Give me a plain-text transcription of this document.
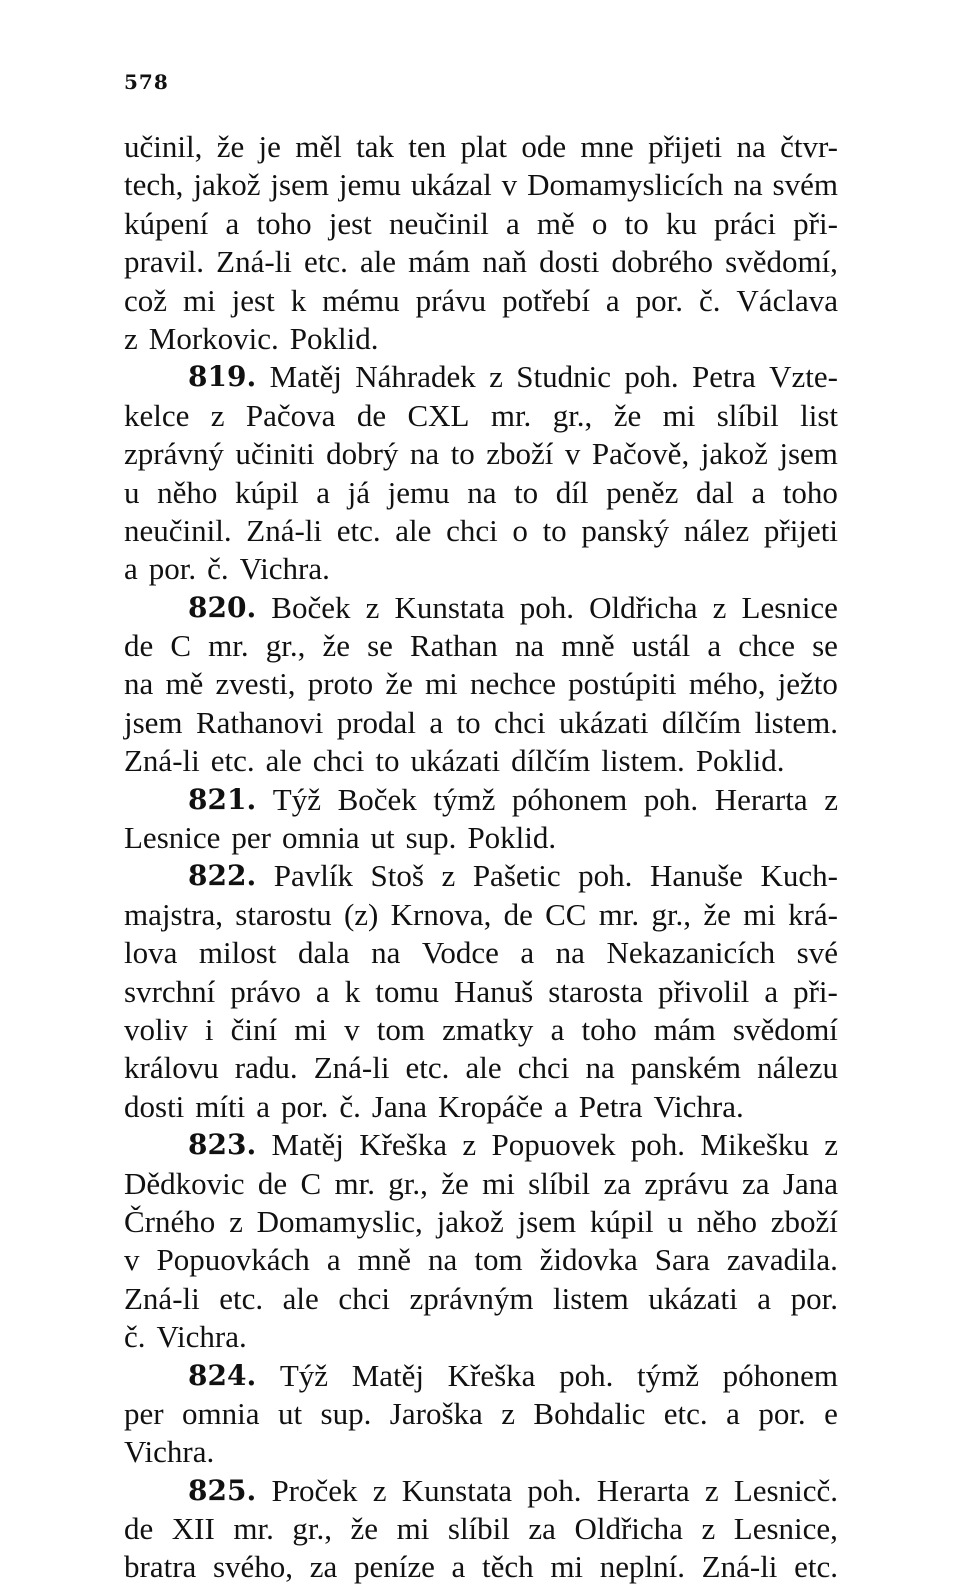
578
učinil, že je měl tak ten plat ode mne přijeti na čtvr-
tech, jakož jsem jemu ukázal v Domamyslicích na svém
kúpení a toho jest neučinil a mě o to ku práci při-
pravil. Zná-li etc. ale mám naň dosti dobrého svědomí,
což mi jest k mému právu potřebí a por. č. Václava
z Morkovic. Poklid.
819. Matěj Náhradek z Studnic poh. Petra Vzte-
kelce z Pačova de CXL mr. gr., že mi slíbil list
zprávný učiniti dobrý na to zboží v Pačově, jakož jsem
u něho kúpil a já jemu na to díl peněz dal a toho
neučinil. Zná-li etc. ale chci o to panský nález přijeti
a por. č. Vichra.
820. Boček z Kunstata poh. Oldřicha z Lesnice
de C mr. gr., že se Rathan na mně ustál a chce se
na mě zvesti, proto že mi nechce postúpiti mého, ježto
jsem Rathanovi prodal a to chci ukázati dílčím listem.
Zná-li etc. ale chci to ukázati dílčím listem. Poklid.
821. Týž Boček týmž póhonem poh. Herarta z
Lesnice per omnia ut sup. Poklid.
822. Pavlík Stoš z Pašetic poh. Hanuše Kuch-
majstra, starostu (z) Krnova, de CC mr. gr., že mi krá-
lova milost dala na Vodce a na Nekazanicích své
svrchní právo a k tomu Hanuš starosta přivolil a při-
voliv i činí mi v tom zmatky a toho mám svědomí
královu radu. Zná-li etc. ale chci na panském nálezu
dosti míti a por. č. Jana Kropáče a Petra Vichra.
823. Matěj Křeška z Popuovek poh. Mikešku z
Dědkovic de C mr. gr., že mi slíbil za zprávu za Jana
Črného z Domamyslic, jakož jsem kúpil u něho zboží
v Popuovkách a mně na tom židovka Sara zavadila.
Zná-li etc. ale chci zprávným listem ukázati a por.
č. Vichra.
824. Týž Matěj Křeška poh. týmž póhonem
per omnia ut sup. Jaroška z Bohdalic etc. a por. e
Vichra.
825. Proček z Kunstata poh. Herarta z Lesnicč.
de XII mr. gr., že mi slíbil za Oldřicha z Lesnice,
bratra svého, za peníze a těch mi neplní. Zná-li etc.
